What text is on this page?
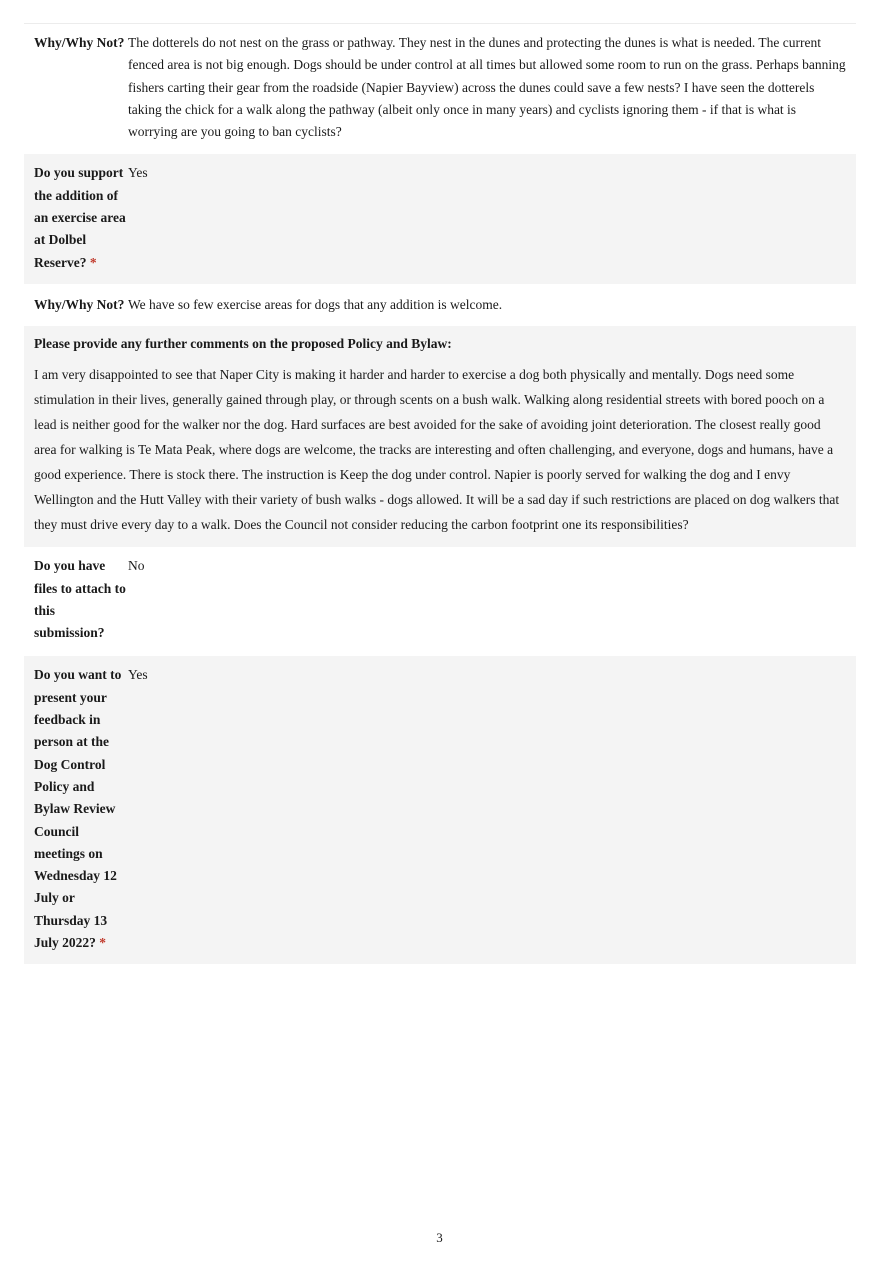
Why/Why Not? The dotterels do not nest on the grass or pathway. They nest in the dunes and protecting the dunes is what is needed. The current fenced area is not big enough. Dogs should be under control at all times but allowed some room to run on the grass. Perhaps banning fishers carting their gear from the roadside (Napier Bayview) across the dunes could save a few nests? I have seen the dotterels taking the chick for a walk along the pathway (albeit only once in many years) and cyclists ignoring them - if that is what is worrying are you going to ban cyclists?
Do you support the addition of an exercise area at Dolbel Reserve? *
Yes
Why/Why Not? We have so few exercise areas for dogs that any addition is welcome.
Please provide any further comments on the proposed Policy and Bylaw:
I am very disappointed to see that Naper City is making it harder and harder to exercise a dog both physically and mentally. Dogs need some stimulation in their lives, generally gained through play, or through scents on a bush walk. Walking along residential streets with bored pooch on a lead is neither good for the walker nor the dog. Hard surfaces are best avoided for the sake of avoiding joint deterioration. The closest really good area for walking is Te Mata Peak, where dogs are welcome, the tracks are interesting and often challenging, and everyone, dogs and humans, have a good experience. There is stock there. The instruction is Keep the dog under control. Napier is poorly served for walking the dog and I envy Wellington and the Hutt Valley with their variety of bush walks - dogs allowed. It will be a sad day if such restrictions are placed on dog walkers that they must drive every day to a walk. Does the Council not consider reducing the carbon footprint one its responsibilities?
Do you have files to attach to this submission?
No
Do you want to present your feedback in person at the Dog Control Policy and Bylaw Review Council meetings on Wednesday 12 July or Thursday 13 July 2022? *
Yes
3
